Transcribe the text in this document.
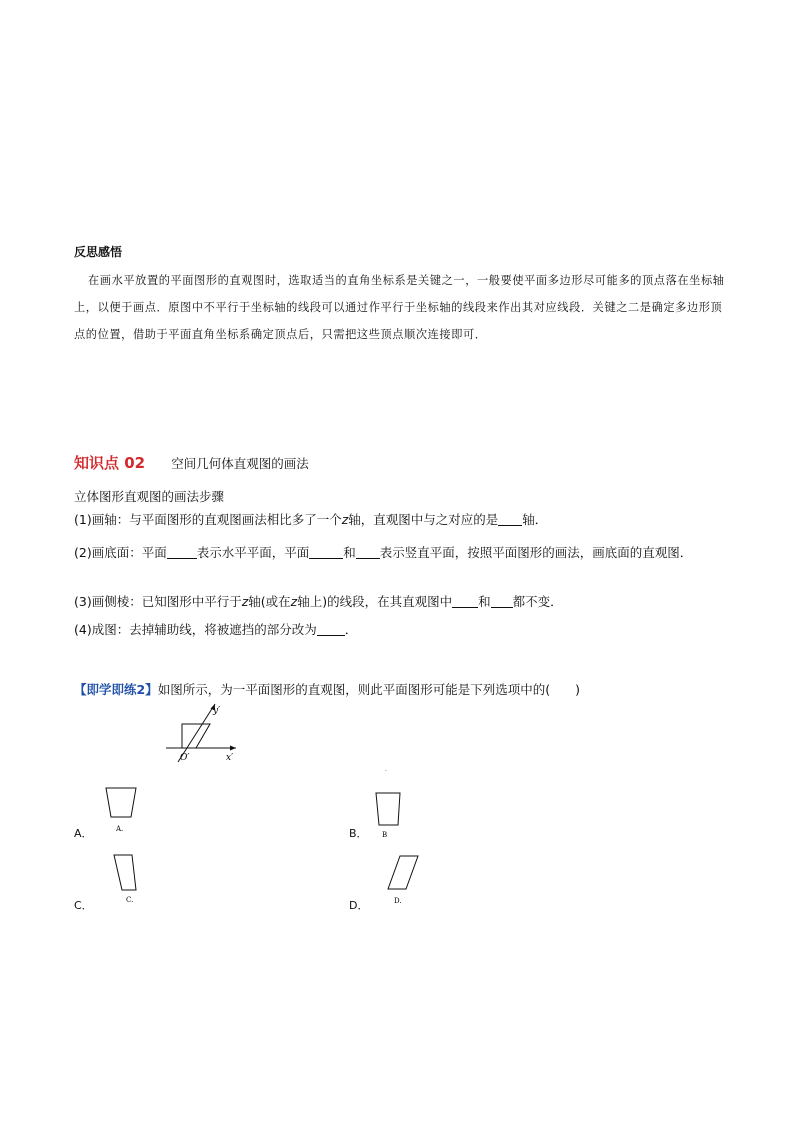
反思感悟
在画水平放置的平面图形的直观图时，选取适当的直角坐标系是关键之一，一般要使平面多边形尽可能多的顶点落在坐标轴上，以便于画点．原图中不平行于坐标轴的线段可以通过作平行于坐标轴的线段来作出其对应线段．关键之二是确定多边形顶点的位置，借助于平面直角坐标系确定顶点后，只需把这些顶点顺次连接即可．
知识点 02 空间几何体直观图的画法
立体图形直观图的画法步骤
(1)画轴：与平面图形的直观图画法相比多了一个z轴，直观图中与之对应的是 轴．
(2)画底面：平面 表示水平平面，平面	和 表示竖直平面，按照平面图形的画法，画底面的直观图．
(3)画侧棱：已知图形中平行于z轴(或在z轴上)的线段，在其直观图中 和 都不变．
(4)成图：去掉辅助线，将被遮挡的部分改为 ．
【即学即练2】如图所示，为一平面图形的直观图，则此平面图形可能是下列选项中的(　　)
y′
x′
O′
·
A．	A.	B． B
C．	C.	D．	D.
